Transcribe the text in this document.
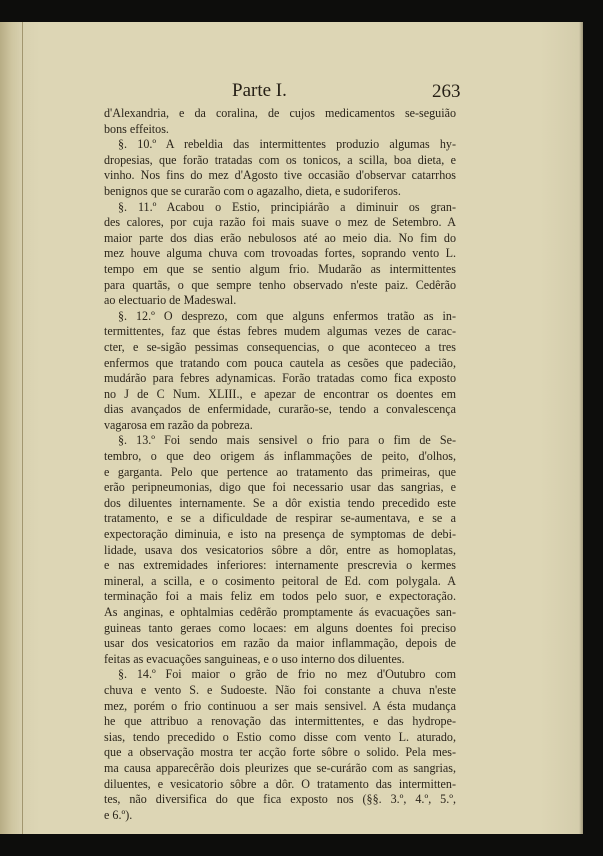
Parte I.	263
d'Alexandria, e da coralina, de cujos medicamentos se-seguião
bons effeitos.
§. 10.º A rebeldia das intermittentes produzio algumas hy-
dropesias, que forão tratadas com os tonicos, a scilla, boa dieta, e
vinho. Nos fins do mez d'Agosto tive occasião d'observar catarrhos
benignos que se curarão com o agazalho, dieta, e sudoriferos.
§. 11.º Acabou o Estio, principiárão a diminuir os gran-
des calores, por cuja razão foi mais suave o mez de Setembro. A
maior parte dos dias erão nebulosos até ao meio dia. No fim do
mez houve alguma chuva com trovoadas fortes, soprando vento L.
tempo em que se sentio algum frio. Mudarão as intermittentes
para quartãs, o que sempre tenho observado n'este paiz. Cedêrão
ao electuario de Madeswal.
§. 12.º O desprezo, com que alguns enfermos tratão as in-
termittentes, faz que éstas febres mudem algumas vezes de carac-
cter, e se-sigão pessimas consequencias, o que aconteceo a tres
enfermos que tratando com pouca cautela as cesões que padecião,
mudárão para febres adynamicas. Forão tratadas como fica exposto
no J de C Num. XLIII., e apezar de encontrar os doentes em
dias avançados de enfermidade, curarão-se, tendo a convalescença
vagarosa em razão da pobreza.
§. 13.º Foi sendo mais sensivel o frio para o fim de Se-
tembro, o que deo origem ás inflammações de peito, d'olhos,
e garganta. Pelo que pertence ao tratamento das primeiras, que
erão peripneumonias, digo que foi necessario usar das sangrias, e
dos diluentes internamente. Se a dôr existia tendo precedido este
tratamento, e se a dificuldade de respirar se-aumentava, e se a
expectoração diminuia, e isto na presença de symptomas de debi-
lidade, usava dos vesicatorios sôbre a dôr, entre as homoplatas,
e nas extremidades inferiores: internamente prescrevia o kermes
mineral, a scilla, e o cosimento peitoral de Ed. com polygala. A
terminação foi a mais feliz em todos pelo suor, e expectoração.
As anginas, e ophtalmias cedêrão promptamente ás evacuações san-
guineas tanto geraes como locaes: em alguns doentes foi preciso
usar dos vesicatorios em razão da maior inflammação, depois de
feitas as evacuações sanguineas, e o uso interno dos diluentes.
§. 14.º Foi maior o grão de frio no mez d'Outubro com
chuva e vento S. e Sudoeste. Não foi constante a chuva n'este
mez, porém o frio continuou a ser mais sensivel. A ésta mudança
he que attribuo a renovação das intermittentes, e das hydrope-
sias, tendo precedido o Estio como disse com vento L. aturado,
que a observação mostra ter acção forte sôbre o solido. Pela mes-
ma causa apparecêrão dois pleurizes que se-curárão com as sangrias,
diluentes, e vesicatorio sôbre a dôr. O tratamento das intermitten-
tes, não diversifica do que fica exposto nos (§§. 3.º, 4.º, 5.º,
e 6.º).
